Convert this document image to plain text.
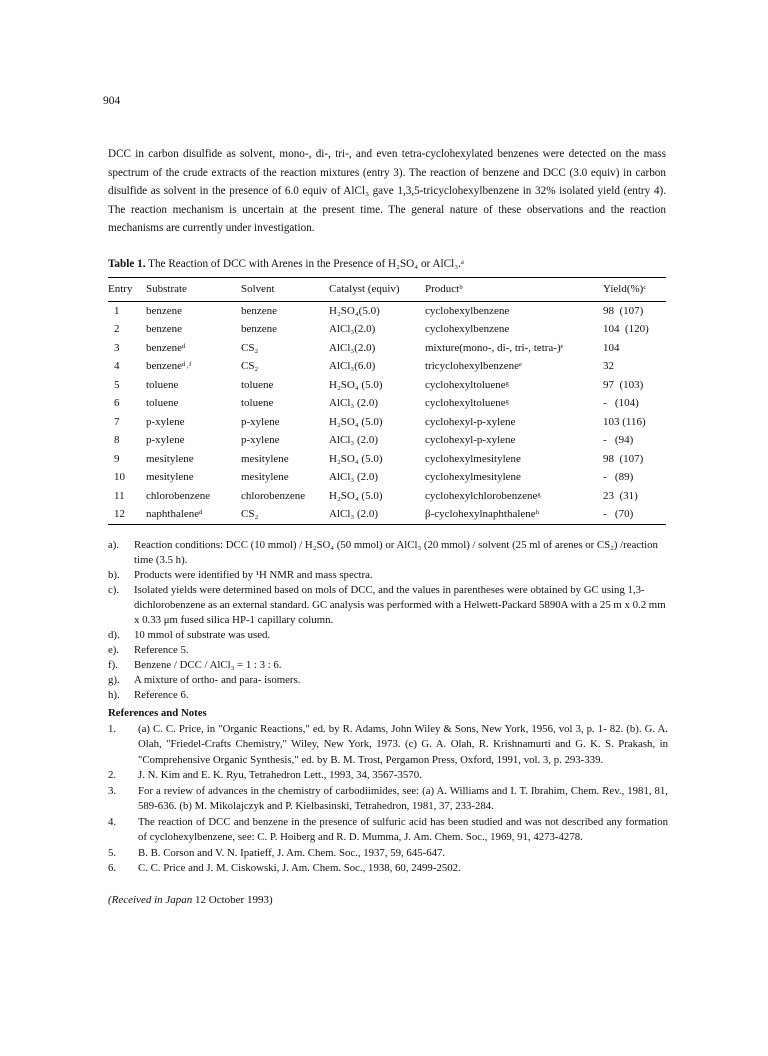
904
DCC in carbon disulfide as solvent, mono-, di-, tri-, and even tetra-cyclohexylated benzenes were detected on the mass spectrum of the crude extracts of the reaction mixtures (entry 3). The reaction of benzene and DCC (3.0 equiv) in carbon disulfide as solvent in the presence of 6.0 equiv of AlCl₃ gave 1,3,5-tricyclohexylbenzene in 32% isolated yield (entry 4). The reaction mechanism is uncertain at the present time. The general nature of these observations and the reaction mechanisms are currently under investigation.
Table 1. The Reaction of DCC with Arenes in the Presence of H₂SO₄ or AlCl₃.ᵃ
Entry	Substrate	Solvent	Catalyst (equiv)	Productᵇ	Yield(%)ᶜ
1	benzene	benzene	H₂SO₄(5.0)	cyclohexylbenzene	98  (107)
2	benzene	benzene	AlCl₃(2.0)	cyclohexylbenzene	104  (120)
3	benzeneᵈ	CS₂	AlCl₃(2.0)	mixture(mono-, di-, tri-, tetra-)ᵉ	104
4	benzeneᵈ˒ᶠ	CS₂	AlCl₃(6.0)	tricyclohexylbenzeneᵉ	32
5	toluene	toluene	H₂SO₄ (5.0)	cyclohexyltolueneᵍ	97  (103)
6	toluene	toluene	AlCl₃ (2.0)	cyclohexyltolueneᵍ	-   (104)
7	p-xylene	p-xylene	H₂SO₄ (5.0)	cyclohexyl-p-xylene	103 (116)
8	p-xylene	p-xylene	AlCl₃ (2.0)	cyclohexyl-p-xylene	-   (94)
9	mesitylene	mesitylene	H₂SO₄ (5.0)	cyclohexylmesitylene	98  (107)
10	mesitylene	mesitylene	AlCl₃ (2.0)	cyclohexylmesitylene	-   (89)
11	chlorobenzene	chlorobenzene	H₂SO₄ (5.0)	cyclohexylchlorobenzeneᵍ	23  (31)
12	naphthaleneᵈ	CS₂	AlCl₃ (2.0)	β-cyclohexylnaphthaleneʰ	-   (70)
a).	Reaction conditions: DCC (10 mmol) / H₂SO₄ (50 mmol) or AlCl₃ (20 mmol) / solvent (25 ml of arenes or CS₂) /reaction time (3.5 h).
b).	Products were identified by ¹H NMR and mass spectra.
c).	Isolated yields were determined based on mols of DCC, and the values in parentheses were obtained by GC using 1,3-dichlorobenzene as an external standard. GC analysis was performed with a Helwett-Packard 5890A with a 25 m x 0.2 mm x 0.33 μm fused silica HP-1 capillary column.
d).	10 mmol of substrate was used.
e).	Reference 5.
f).	Benzene / DCC / AlCl₃ = 1 : 3 : 6.
g).	A mixture of ortho- and para- isomers.
h).	Reference 6.
References and Notes
1.	(a) C. C. Price, in "Organic Reactions," ed. by R. Adams, John Wiley & Sons, New York, 1956, vol 3, p. 1- 82. (b). G. A. Olah, "Friedel-Crafts Chemistry," Wiley, New York, 1973. (c) G. A. Olah, R. Krishnamurti and G. K. S. Prakash, in "Comprehensive Organic Synthesis," ed. by B. M. Trost, Pergamon Press, Oxford, 1991, vol. 3, p. 293-339.
2.	J. N. Kim and E. K. Ryu, Tetrahedron Lett., 1993, 34, 3567-3570.
3.	For a review of advances in the chemistry of carbodiimides, see: (a) A. Williams and I. T. Ibrahim, Chem. Rev., 1981, 81, 589-636. (b) M. Mikolajczyk and P. Kielbasinski, Tetrahedron, 1981, 37, 233-284.
4.	The reaction of DCC and benzene in the presence of sulfuric acid has been studied and was not described any formation of cyclohexylbenzene, see: C. P. Hoiberg and R. D. Mumma, J. Am. Chem. Soc., 1969, 91, 4273-4278.
5.	B. B. Corson and V. N. Ipatieff, J. Am. Chem. Soc., 1937, 59, 645-647.
6.	C. C. Price and J. M. Ciskowski, J. Am. Chem. Soc., 1938, 60, 2499-2502.
(Received in Japan 12 October 1993)
